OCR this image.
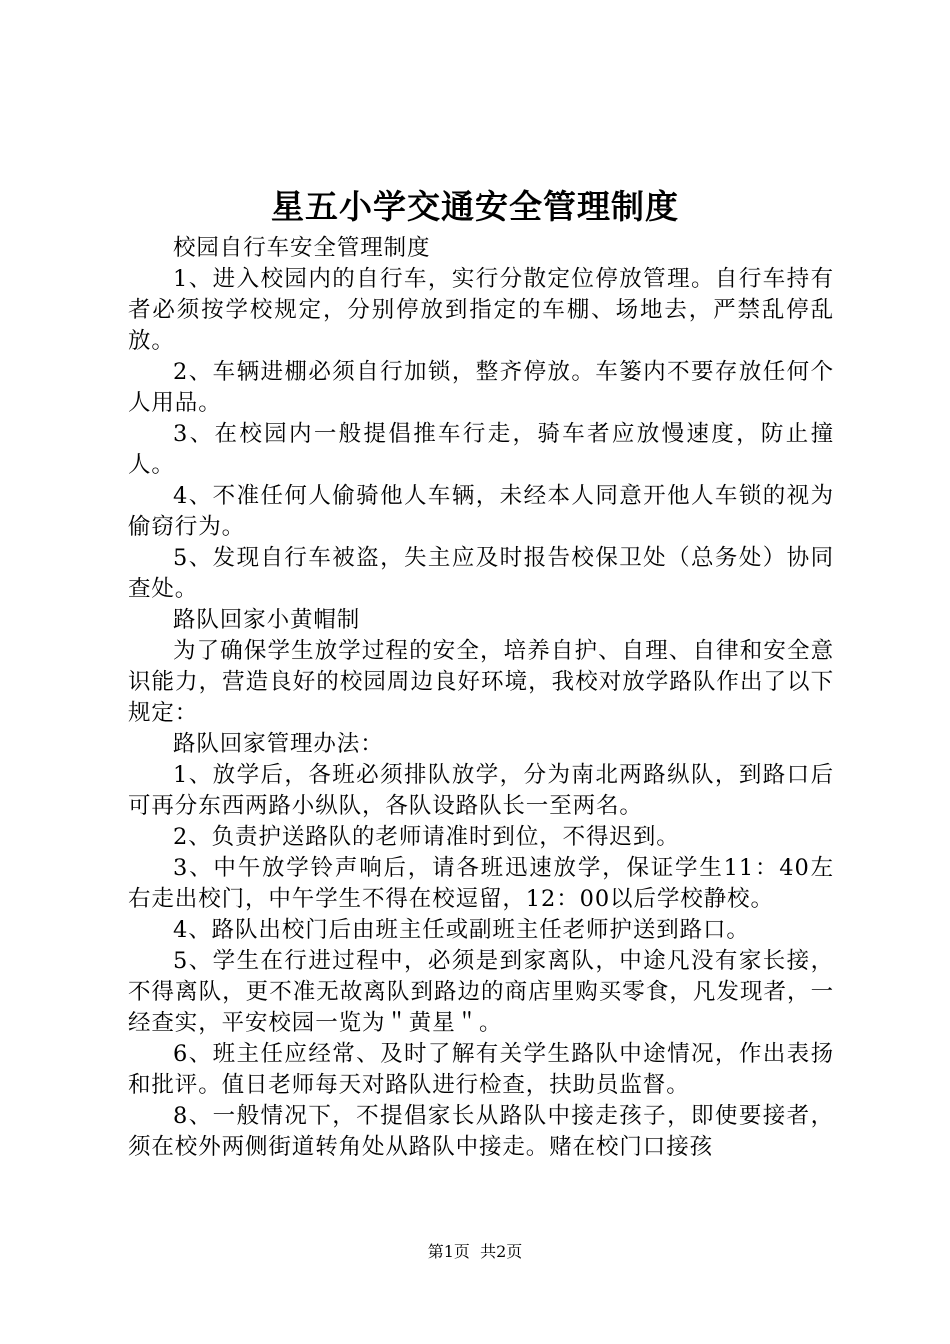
星五小学交通安全管理制度

校园自行车安全管理制度

1、进入校园内的自行车，实行分散定位停放管理。自行车持有者必须按学校规定，分别停放到指定的车棚、场地去，严禁乱停乱放。

2、车辆进棚必须自行加锁，整齐停放。车篓内不要存放任何个人用品。

3、在校园内一般提倡推车行走，骑车者应放慢速度，防止撞人。

4、不准任何人偷骑他人车辆，未经本人同意开他人车锁的视为偷窃行为。

5、发现自行车被盗，失主应及时报告校保卫处（总务处）协同查处。

路队回家小黄帽制

为了确保学生放学过程的安全，培养自护、自理、自律和安全意识能力，营造良好的校园周边良好环境，我校对放学路队作出了以下规定：

路队回家管理办法：

1、放学后，各班必须排队放学，分为南北两路纵队，到路口后可再分东西两路小纵队，各队设路队长一至两名。

2、负责护送路队的老师请准时到位，不得迟到。

3、中午放学铃声响后，请各班迅速放学，保证学生11：40左右走出校门，中午学生不得在校逗留，12：00以后学校静校。

4、路队出校门后由班主任或副班主任老师护送到路口。

5、学生在行进过程中，必须是到家离队，中途凡没有家长接，不得离队，更不准无故离队到路边的商店里购买零食，凡发现者，一经查实，平安校园一览为＂黄星＂。

6、班主任应经常、及时了解有关学生路队中途情况，作出表扬和批评。值日老师每天对路队进行检查，扶助员监督。

8、一般情况下，不提倡家长从路队中接走孩子，即使要接者，须在校外两侧街道转角处从路队中接走。赌在校门口接孩

第1页 共2页
